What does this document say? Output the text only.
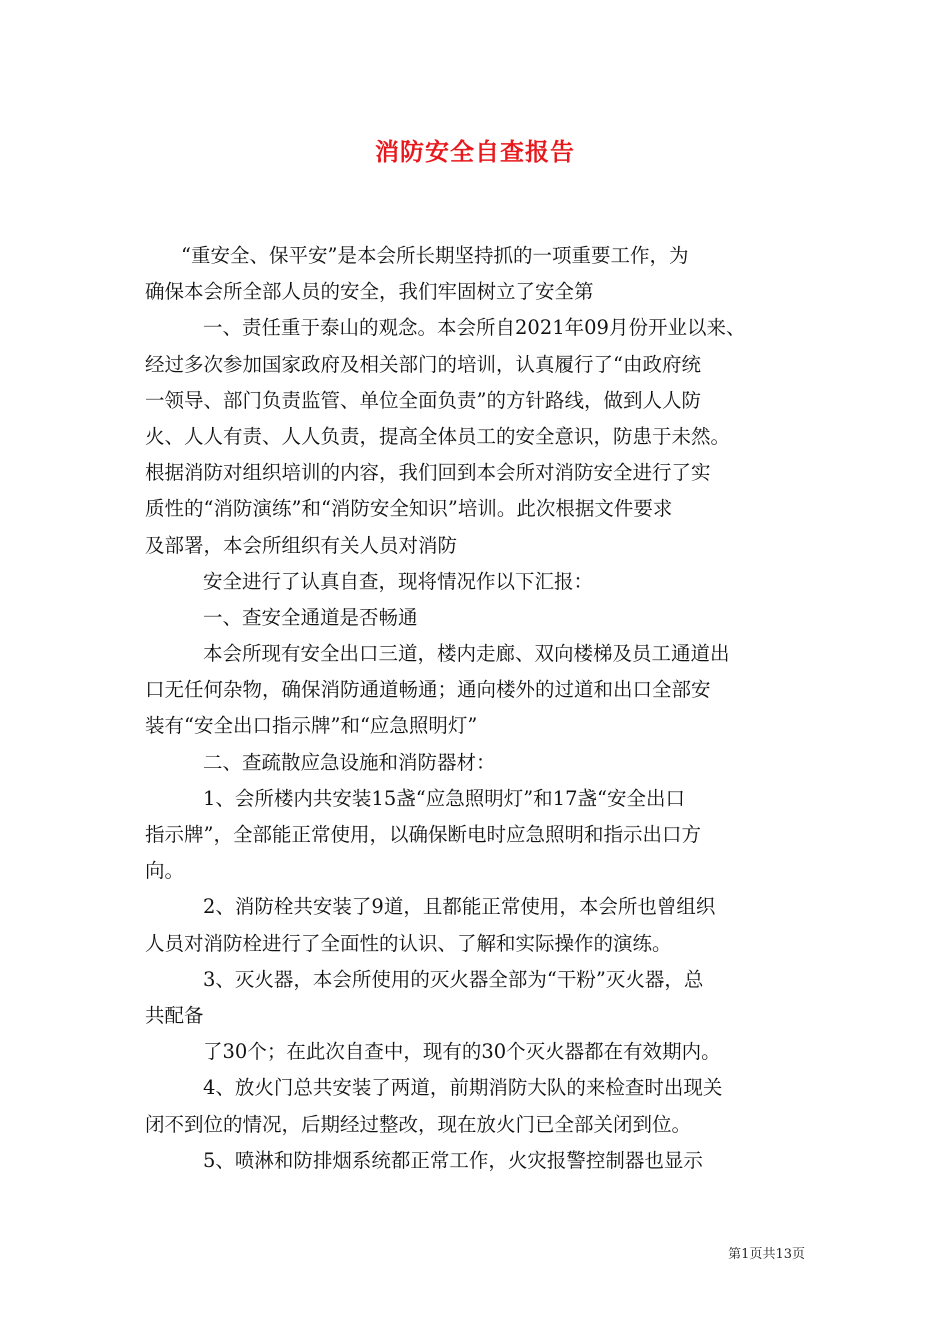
消防安全自查报告
“重安全、保平安”是本会所长期坚持抓的一项重要工作，为
确保本会所全部人员的安全，我们牢固树立了安全第
一、责任重于泰山的观念。本会所自2021年09月份开业以来、
经过多次参加国家政府及相关部门的培训，认真履行了“由政府统
一领导、部门负责监管、单位全面负责”的方针路线，做到人人防
火、人人有责、人人负责，提高全体员工的安全意识，防患于未然。
根据消防对组织培训的内容，我们回到本会所对消防安全进行了实
质性的“消防演练”和“消防安全知识”培训。此次根据文件要求
及部署，本会所组织有关人员对消防
安全进行了认真自查，现将情况作以下汇报：
一、查安全通道是否畅通
本会所现有安全出口三道，楼内走廊、双向楼梯及员工通道出
口无任何杂物，确保消防通道畅通；通向楼外的过道和出口全部安
装有“安全出口指示牌”和“应急照明灯”
二、查疏散应急设施和消防器材：
1、会所楼内共安装15盏“应急照明灯”和17盏“安全出口
指示牌”，全部能正常使用，以确保断电时应急照明和指示出口方
向。
2、消防栓共安装了9道，且都能正常使用，本会所也曾组织
人员对消防栓进行了全面性的认识、了解和实际操作的演练。
3、灭火器，本会所使用的灭火器全部为“干粉”灭火器，总
共配备
了30个；在此次自查中，现有的30个灭火器都在有效期内。
4、放火门总共安装了两道，前期消防大队的来检查时出现关
闭不到位的情况，后期经过整改，现在放火门已全部关闭到位。
5、喷淋和防排烟系统都正常工作，火灾报警控制器也显示
第1页共13页
